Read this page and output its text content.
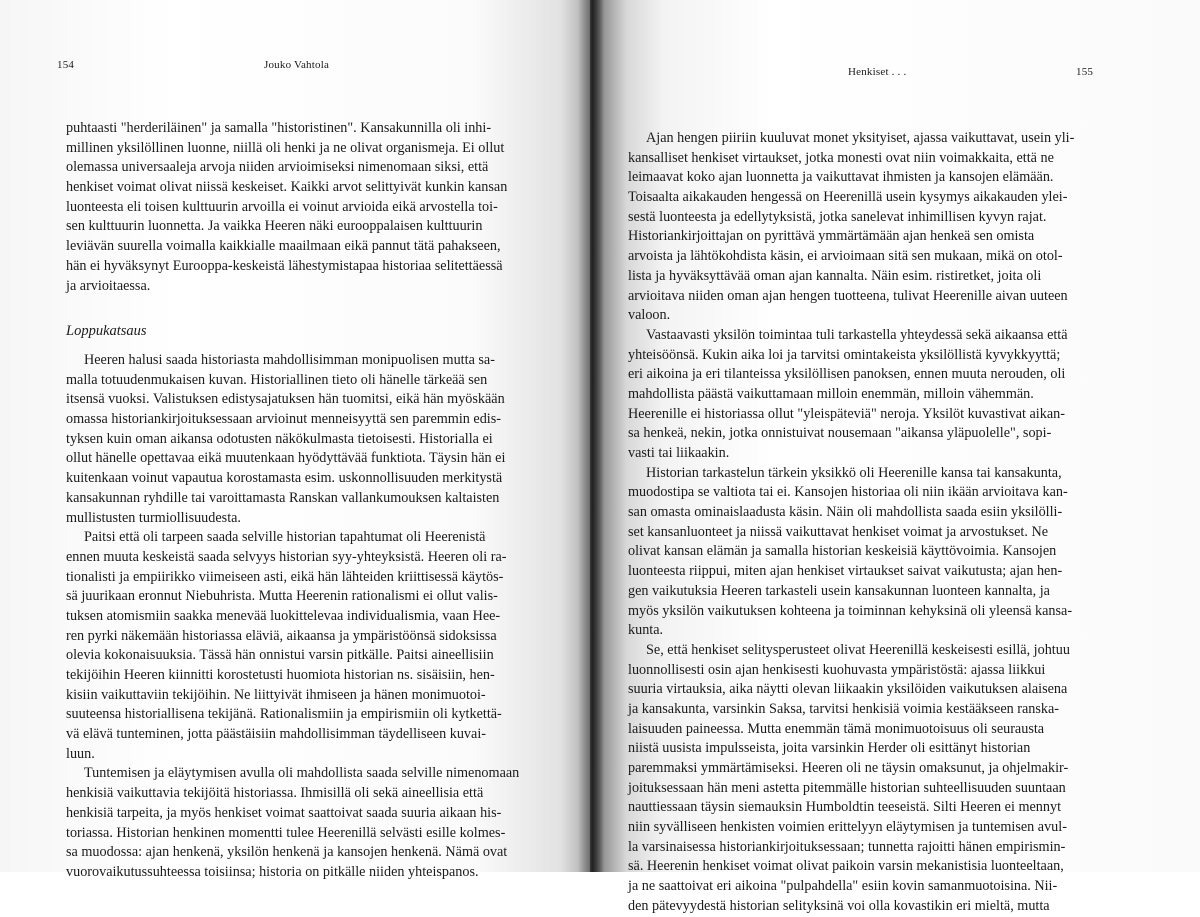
154	Jouko Vahtola
puhtaasti "herderiläinen" ja samalla "historistinen". Kansakunnilla oli inhi-
millinen yksilöllinen luonne, niillä oli henki ja ne olivat organismeja. Ei ollut
olemassa universaaleja arvoja niiden arvioimiseksi nimenomaan siksi, että
henkiset voimat olivat niissä keskeiset. Kaikki arvot selittyivät kunkin kansan
luonteesta eli toisen kulttuurin arvoilla ei voinut arvioida eikä arvostella toi-
sen kulttuurin luonnetta. Ja vaikka Heeren näki eurooppalaisen kulttuurin
leviävän suurella voimalla kaikkialle maailmaan eikä pannut tätä pahakseen,
hän ei hyväksynyt Eurooppa-keskeistä lähestymistapaa historiaa selitettäessä
ja arvioitaessa.
Loppukatsaus
Heeren halusi saada historiasta mahdollisimman monipuolisen mutta sa-
malla totuudenmukaisen kuvan. Historiallinen tieto oli hänelle tärkeää sen
itsensä vuoksi. Valistuksen edistysajatuksen hän tuomitsi, eikä hän myöskään
omassa historiankirjoituksessaan arvioinut menneisyyttä sen paremmin edis-
tyksen kuin oman aikansa odotusten näkökulmasta tietoisesti. Historialla ei
ollut hänelle opettavaa eikä muutenkaan hyödyttävää funktiota. Täysin hän ei
kuitenkaan voinut vapautua korostamasta esim. uskonnollisuuden merkitystä
kansakunnan ryhdille tai varoittamasta Ranskan vallankumouksen kaltaisten
mullistusten turmiollisuudesta.
Paitsi että oli tarpeen saada selville historian tapahtumat oli Heerenistä
ennen muuta keskeistä saada selvyys historian syy-yhteyksistä. Heeren oli ra-
tionalisti ja empiirikko viimeiseen asti, eikä hän lähteiden kriittisessä käytös-
sä juurikaan eronnut Niebuhrista. Mutta Heerenin rationalismi ei ollut valis-
tuksen atomismiin saakka menevää luokittelevaa individualismia, vaan Hee-
ren pyrki näkemään historiassa eläviä, aikaansa ja ympäristöönsä sidoksissa
olevia kokonaisuuksia. Tässä hän onnistui varsin pitkälle. Paitsi aineellisiin
tekijöihin Heeren kiinnitti korostetusti huomiota historian ns. sisäisiin, hen-
kisiin vaikuttaviin tekijöihin. Ne liittyivät ihmiseen ja hänen monimuotoi-
suuteensa historiallisena tekijänä. Rationalismiin ja empirismiin oli kytkettä-
vä elävä tunteminen, jotta päästäisiin mahdollisimman täydelliseen kuvai-
luun.
Tuntemisen ja eläytymisen avulla oli mahdollista saada selville nimenomaan
henkisiä vaikuttavia tekijöitä historiassa. Ihmisillä oli sekä aineellisia että
henkisiä tarpeita, ja myös henkiset voimat saattoivat saada suuria aikaan his-
toriassa. Historian henkinen momentti tulee Heerenillä selvästi esille kolmes-
sa muodossa: ajan henkenä, yksilön henkenä ja kansojen henkenä. Nämä ovat
vuorovaikutussuhteessa toisiinsa; historia on pitkälle niiden yhteispanos.
Henkiset . . .	155
Ajan hengen piiriin kuuluvat monet yksityiset, ajassa vaikuttavat, usein yli-
kansalliset henkiset virtaukset, jotka monesti ovat niin voimakkaita, että ne
leimaavat koko ajan luonnetta ja vaikuttavat ihmisten ja kansojen elämään.
Toisaalta aikakauden hengessä on Heerenillä usein kysymys aikakauden ylei-
sestä luonteesta ja edellytyksistä, jotka sanelevat inhimillisen kyvyn rajat.
Historiankirjoittajan on pyrittävä ymmärtämään ajan henkeä sen omista
arvoista ja lähtökohdista käsin, ei arvioimaan sitä sen mukaan, mikä on otol-
lista ja hyväksyttävää oman ajan kannalta. Näin esim. ristiretket, joita oli
arvioitava niiden oman ajan hengen tuotteena, tulivat Heerenille aivan uuteen
valoon.
Vastaavasti yksilön toimintaa tuli tarkastella yhteydessä sekä aikaansa että
yhteisöönsä. Kukin aika loi ja tarvitsi omintakeista yksilöllistä kyvykkyyttä;
eri aikoina ja eri tilanteissa yksilöllisen panoksen, ennen muuta nerouden, oli
mahdollista päästä vaikuttamaan milloin enemmän, milloin vähemmän.
Heerenille ei historiassa ollut "yleispäteviä" neroja. Yksilöt kuvastivat aikan-
sa henkeä, nekin, jotka onnistuivat nousemaan "aikansa yläpuolelle", sopi-
vasti tai liikaakin.
Historian tarkastelun tärkein yksikkö oli Heerenille kansa tai kansakunta,
muodostipa se valtiota tai ei. Kansojen historiaa oli niin ikään arvioitava kan-
san omasta ominaislaadusta käsin. Näin oli mahdollista saada esiin yksilölli-
set kansanluonteet ja niissä vaikuttavat henkiset voimat ja arvostukset. Ne
olivat kansan elämän ja samalla historian keskeisiä käyttövoimia. Kansojen
luonteesta riippui, miten ajan henkiset virtaukset saivat vaikutusta; ajan hen-
gen vaikutuksia Heeren tarkasteli usein kansakunnan luonteen kannalta, ja
myös yksilön vaikutuksen kohteena ja toiminnan kehyksinä oli yleensä kansa-
kunta.
Se, että henkiset selitysperusteet olivat Heerenillä keskeisesti esillä, johtuu
luonnollisesti osin ajan henkisesti kuohuvasta ympäristöstä: ajassa liikkui
suuria virtauksia, aika näytti olevan liikaakin yksilöiden vaikutuksen alaisena
ja kansakunta, varsinkin Saksa, tarvitsi henkisiä voimia kestääkseen ranska-
laisuuden paineessa. Mutta enemmän tämä monimuotoisuus oli seurausta
niistä uusista impulsseista, joita varsinkin Herder oli esittänyt historian
paremmaksi ymmärtämiseksi. Heeren oli ne täysin omaksunut, ja ohjelmakir-
joituksessaan hän meni astetta pitemmälle historian suhteellisuuden suuntaan
nauttiessaan täysin siemauksin Humboldtin teeseistä. Silti Heeren ei mennyt
niin syvälliseen henkisten voimien erittelyyn eläytymisen ja tuntemisen avul-
la varsinaisessa historiankirjoituksessaan; tunnetta rajoitti hänen empirismin-
sä. Heerenin henkiset voimat olivat paikoin varsin mekanistisia luonteeltaan,
ja ne saattoivat eri aikoina "pulpahdella" esiin kovin samanmuotoisina. Nii-
den pätevyydestä historian selityksinä voi olla kovastikin eri mieltä, mutta
